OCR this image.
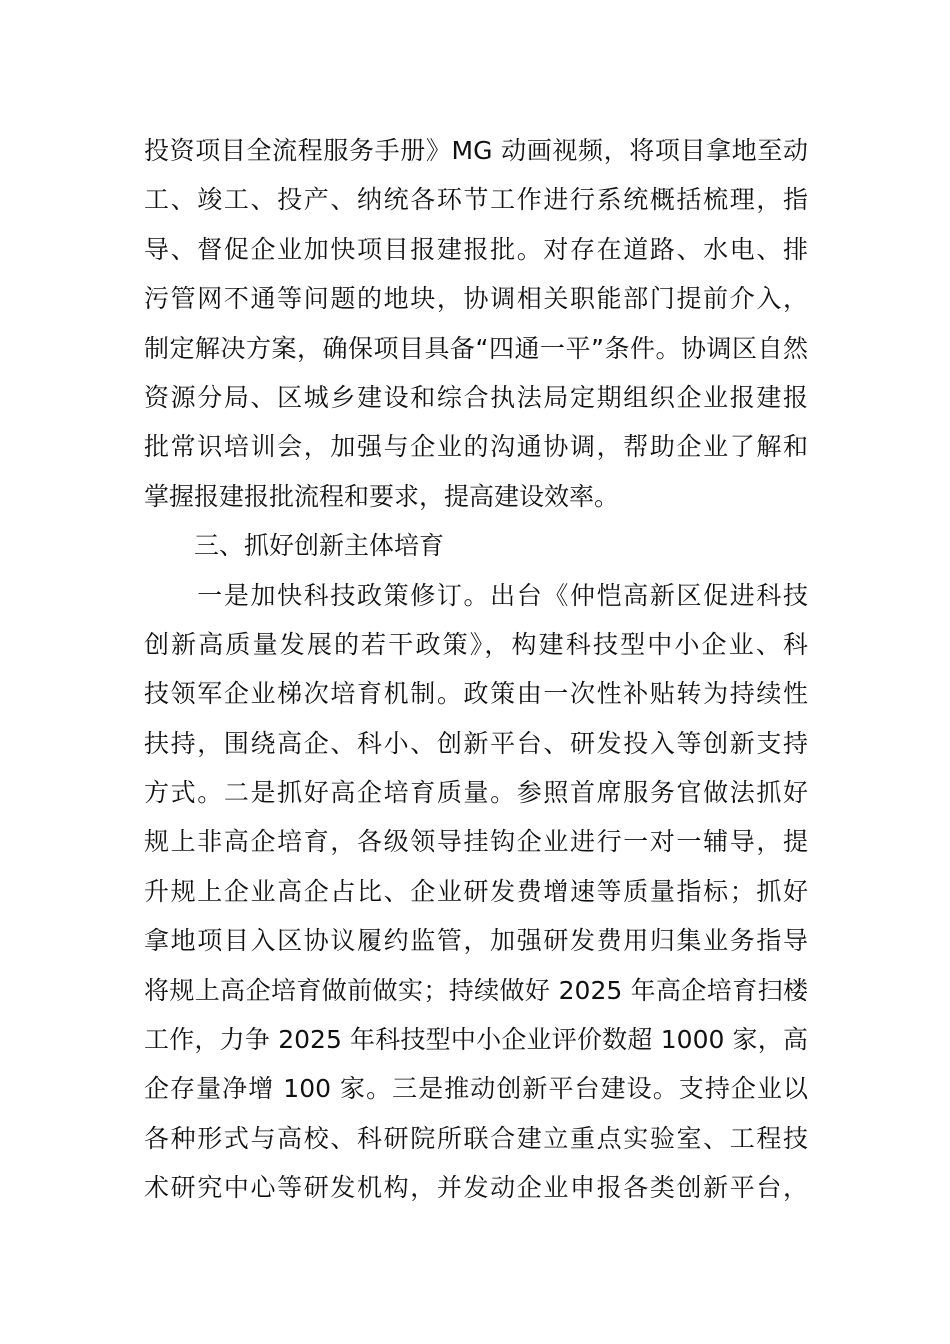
投资项目全流程服务手册》MG 动画视频，将项目拿地至动
工、竣工、投产、纳统各环节工作进行系统概括梳理，指
导、督促企业加快项目报建报批。对存在道路、水电、排
污管网不通等问题的地块，协调相关职能部门提前介入，
制定解决方案，确保项目具备“四通一平”条件。协调区自然
资源分局、区城乡建设和综合执法局定期组织企业报建报
批常识培训会，加强与企业的沟通协调，帮助企业了解和
掌握报建报批流程和要求，提高建设效率。
　　三、抓好创新主体培育
　　一是加快科技政策修订。出台《仲恺高新区促进科技
创新高质量发展的若干政策》，构建科技型中小企业、科
技领军企业梯次培育机制。政策由一次性补贴转为持续性
扶持，围绕高企、科小、创新平台、研发投入等创新支持
方式。二是抓好高企培育质量。参照首席服务官做法抓好
规上非高企培育，各级领导挂钩企业进行一对一辅导，提
升规上企业高企占比、企业研发费增速等质量指标；抓好
拿地项目入区协议履约监管，加强研发费用归集业务指导
将规上高企培育做前做实；持续做好 2025 年高企培育扫楼
工作，力争 2025 年科技型中小企业评价数超 1000 家，高
企存量净增 100 家。三是推动创新平台建设。支持企业以
各种形式与高校、科研院所联合建立重点实验室、工程技
术研究中心等研发机构，并发动企业申报各类创新平台，
